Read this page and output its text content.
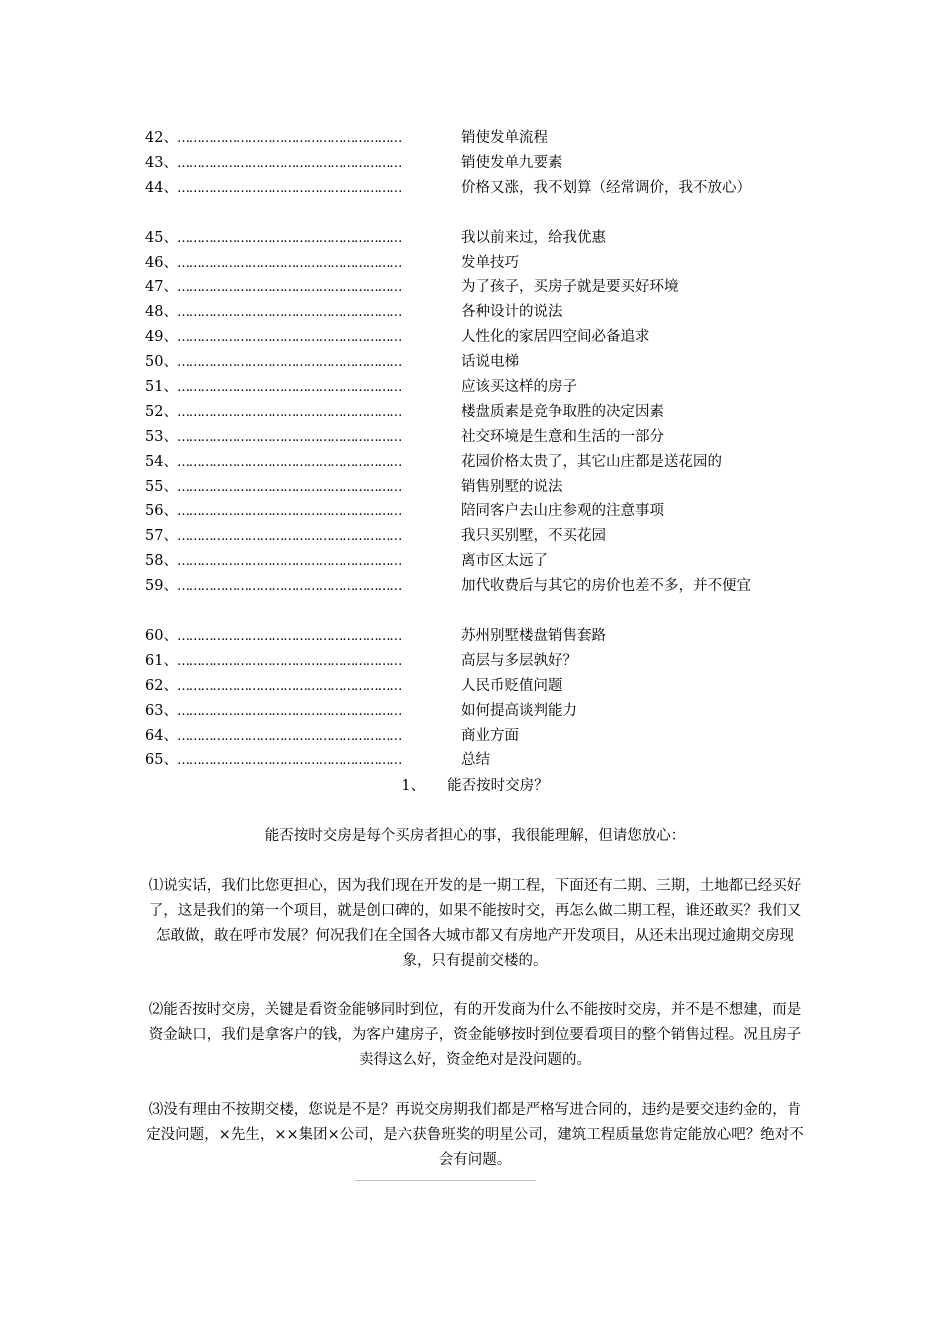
42、 …………………………………………………	销使发单流程
43、 …………………………………………………	销使发单九要素
44、 …………………………………………………	价格又涨，我不划算（经常调价，我不放心）
45、 …………………………………………………	我以前来过，给我优惠
46、 …………………………………………………	发单技巧
47、 …………………………………………………	为了孩子，买房子就是要买好环境
48、 …………………………………………………	各种设计的说法
49、 …………………………………………………	人性化的家居四空间必备追求
50、 …………………………………………………	话说电梯
51、 …………………………………………………	应该买这样的房子
52、 …………………………………………………	楼盘质素是竞争取胜的决定因素
53、 …………………………………………………	社交环境是生意和生活的一部分
54、 …………………………………………………	花园价格太贵了，其它山庄都是送花园的
55、 …………………………………………………	销售别墅的说法
56、 …………………………………………………	陪同客户去山庄参观的注意事项
57、 …………………………………………………	我只买别墅，不买花园
58、 …………………………………………………	离市区太远了
59、 …………………………………………………	加代收费后与其它的房价也差不多，并不便宜
60、 …………………………………………………	苏州别墅楼盘销售套路
61、 …………………………………………………	高层与多层孰好？
62、 …………………………………………………	人民币贬值问题
63、 …………………………………………………	如何提高谈判能力
64、 …………………………………………………	商业方面
65、 …………………………………………………	总结
1、 能否按时交房？
能否按时交房是每个买房者担心的事，我很能理解，但请您放心：
⑴说实话，我们比您更担心，因为我们现在开发的是一期工程，下面还有二期、三期，土地都已经买好了，这是我们的第一个项目，就是创口碑的，如果不能按时交，再怎么做二期工程，谁还敢买？我们又怎敢做，敢在呼市发展？何况我们在全国各大城市都又有房地产开发项目，从还未出现过逾期交房现象，只有提前交楼的。
⑵能否按时交房，关键是看资金能够同时到位，有的开发商为什么不能按时交房，并不是不想建，而是资金缺口，我们是拿客户的钱，为客户建房子，资金能够按时到位要看项目的整个销售过程。况且房子卖得这么好，资金绝对是没问题的。
⑶没有理由不按期交楼，您说是不是？再说交房期我们都是严格写进合同的，违约是要交违约金的，肯定没问题，×先生，××集团×公司，是六获鲁班奖的明星公司，建筑工程质量您肯定能放心吧？绝对不会有问题。
______________________________
